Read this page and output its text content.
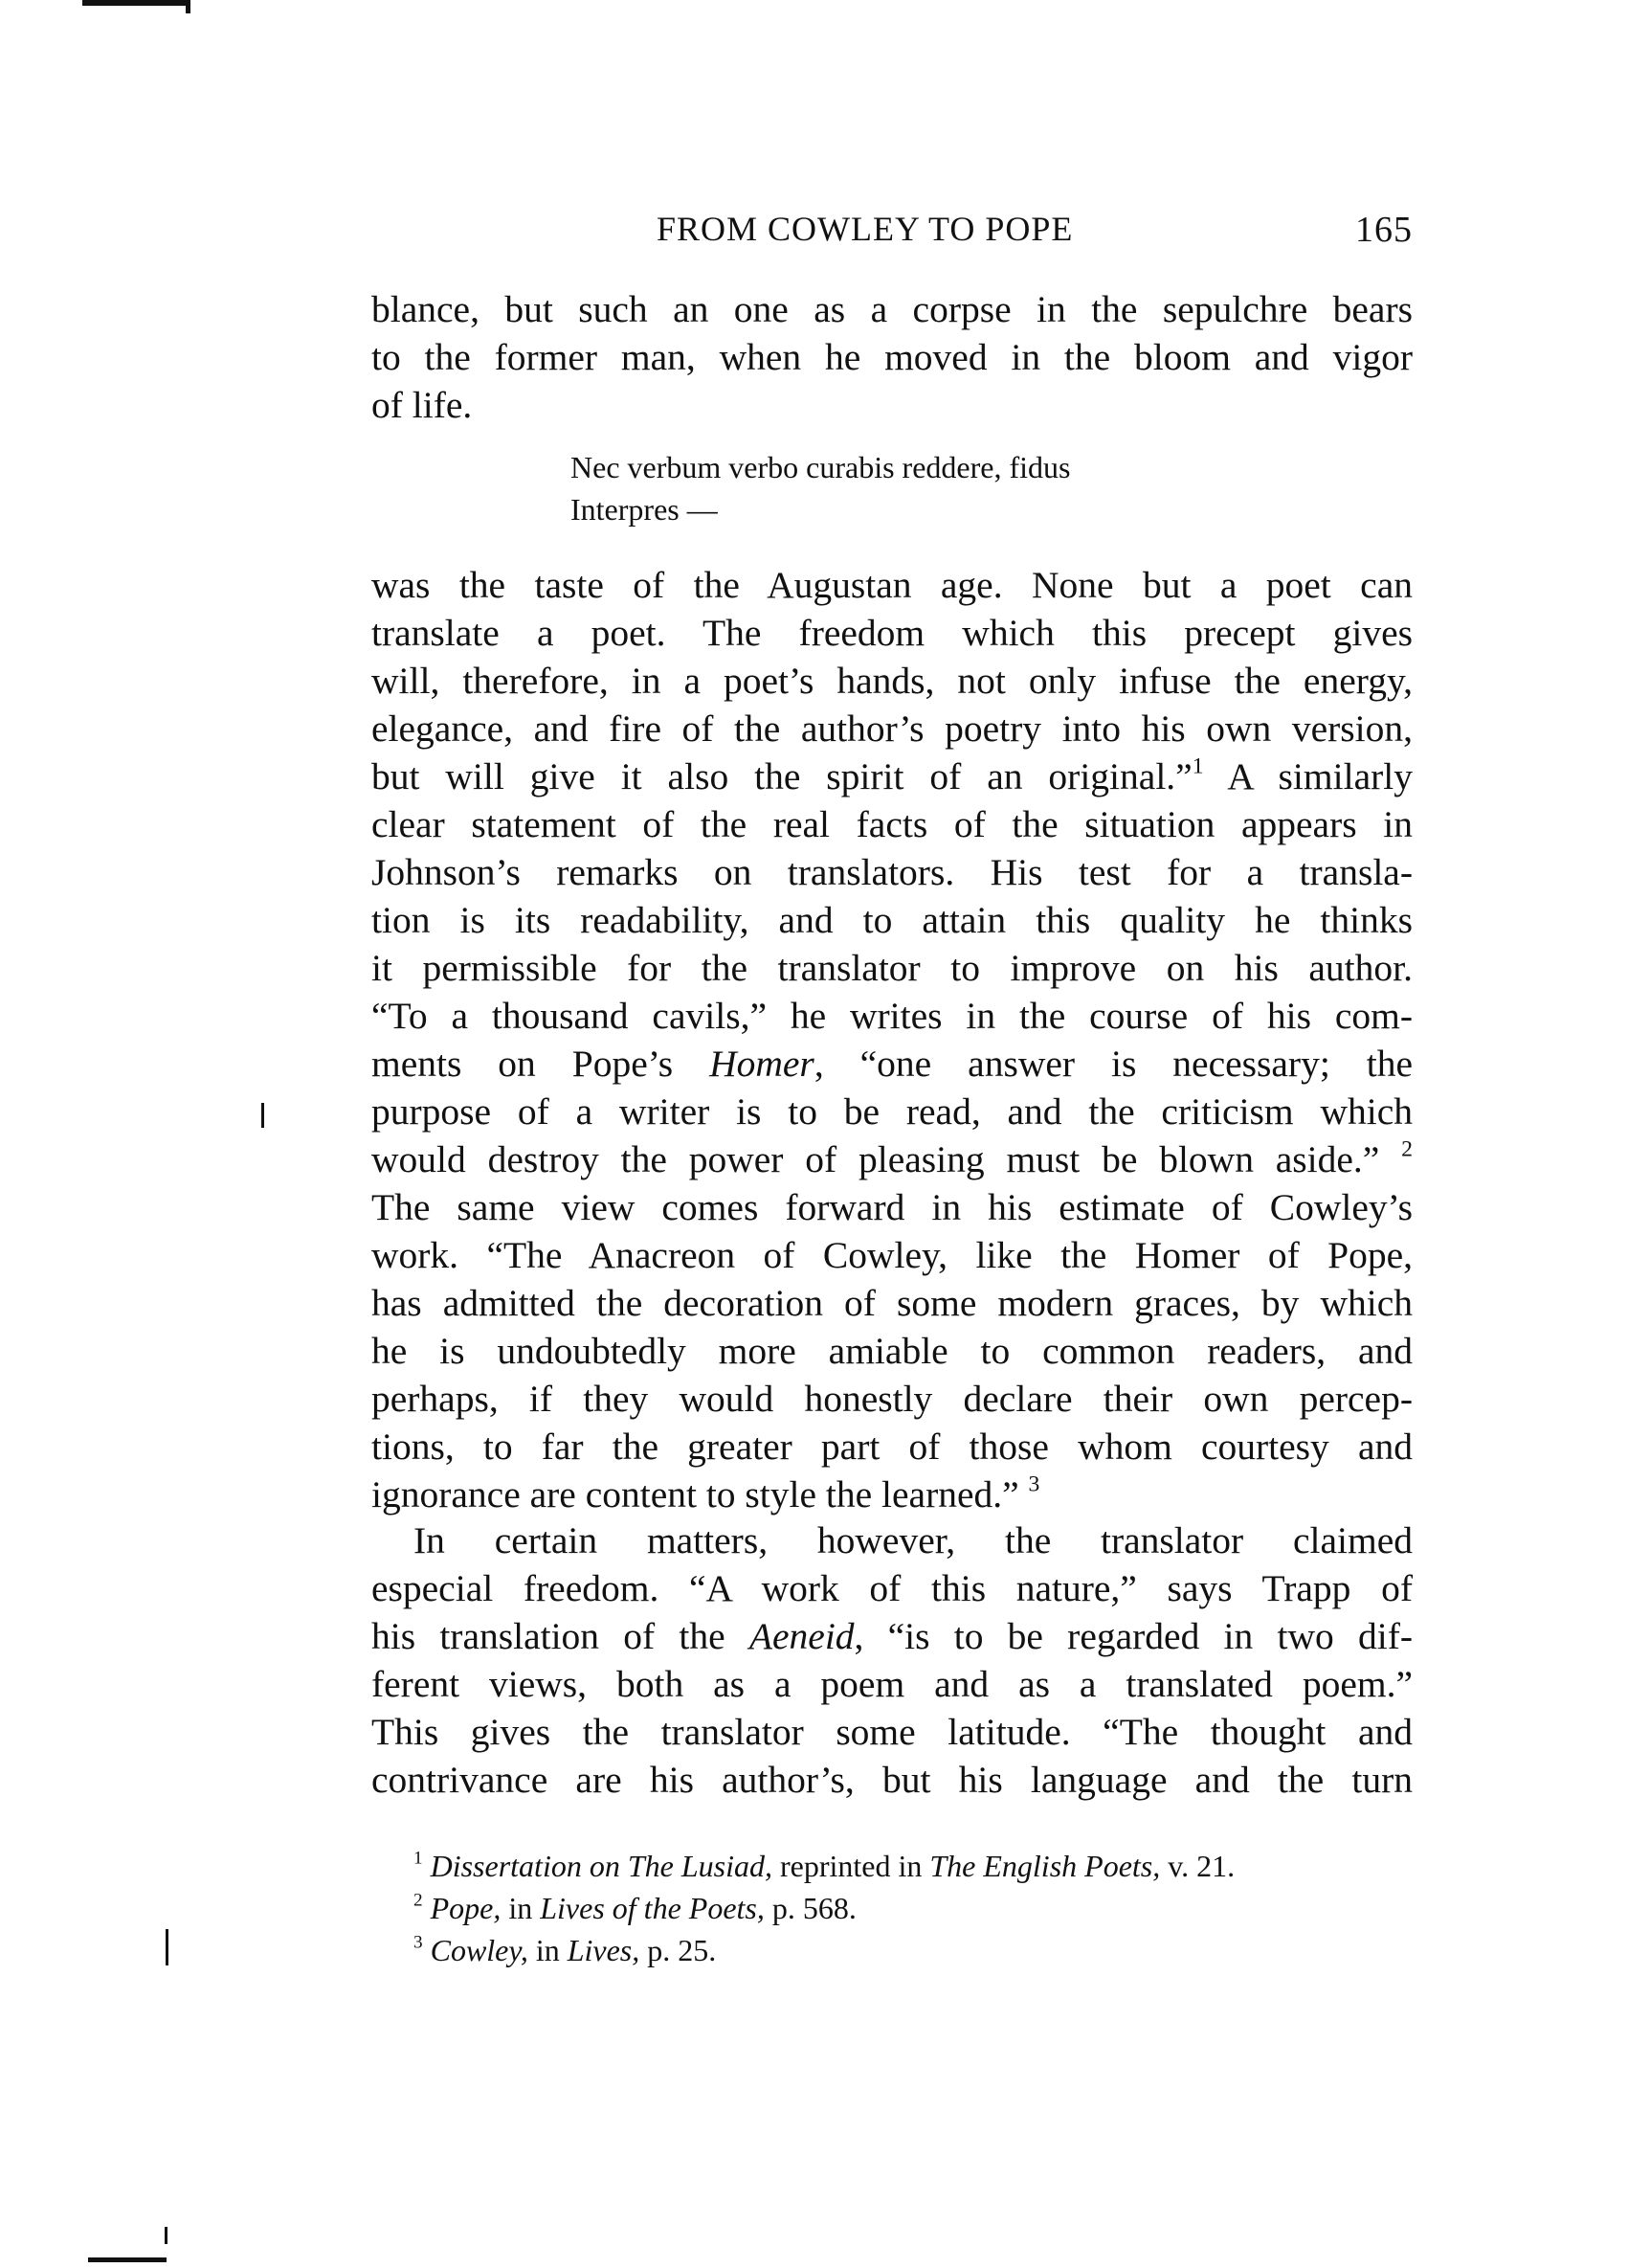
FROM COWLEY TO POPE	165
blance, but such an one as a corpse in the sepulchre bears
to the former man, when he moved in the bloom and vigor
of life.
Nec verbum verbo curabis reddere, fidus
Interpres —
was the taste of the Augustan age. None but a poet can
translate a poet. The freedom which this precept gives
will, therefore, in a poet’s hands, not only infuse the energy,
elegance, and fire of the author’s poetry into his own version,
but will give it also the spirit of an original.”$^1$ A similarly
clear statement of the real facts of the situation appears in
Johnson’s remarks on translators. His test for a transla-
tion is its readability, and to attain this quality he thinks
it permissible for the translator to improve on his author.
“To a thousand cavils,” he writes in the course of his com-
ments on Pope’s Homer, “one answer is necessary; the
purpose of a writer is to be read, and the criticism which
would destroy the power of pleasing must be blown aside.” $^2$
The same view comes forward in his estimate of Cowley’s
work. “The Anacreon of Cowley, like the Homer of Pope,
has admitted the decoration of some modern graces, by which
he is undoubtedly more amiable to common readers, and
perhaps, if they would honestly declare their own percep-
tions, to far the greater part of those whom courtesy and
ignorance are content to style the learned.” $^3$
In certain matters, however, the translator claimed
especial freedom. “A work of this nature,” says Trapp of
his translation of the Aeneid, “is to be regarded in two dif-
ferent views, both as a poem and as a translated poem.”
This gives the translator some latitude. “The thought and
contrivance are his author’s, but his language and the turn
$^1$ Dissertation on The Lusiad, reprinted in The English Poets, v. 21.
$^2$ Pope, in Lives of the Poets, p. 568.
$^3$ Cowley, in Lives, p. 25.
